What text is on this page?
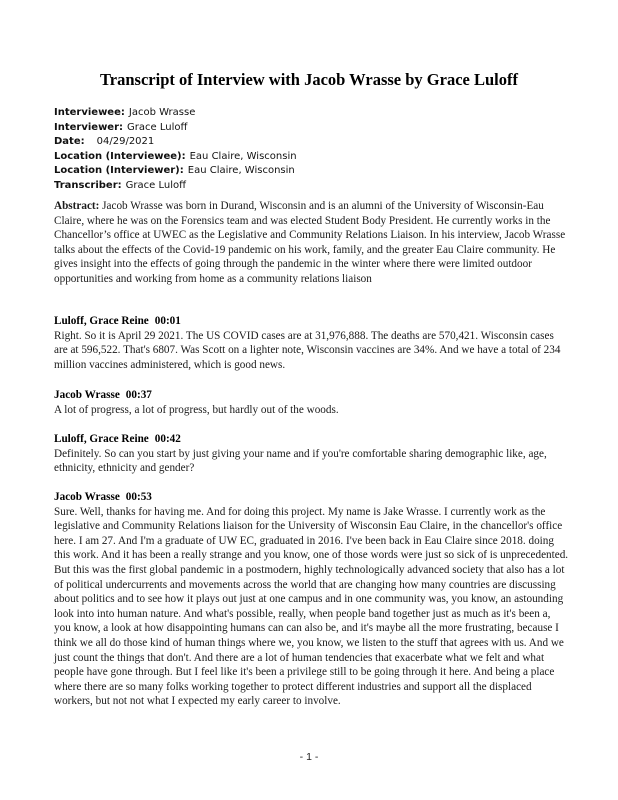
Transcript of Interview with Jacob Wrasse by Grace Luloff
Interviewee: Jacob Wrasse
Interviewer: Grace Luloff
Date: 04/29/2021
Location (Interviewee): Eau Claire, Wisconsin
Location (Interviewer): Eau Claire, Wisconsin
Transcriber: Grace Luloff
Abstract: Jacob Wrasse was born in Durand, Wisconsin and is an alumni of the University of Wisconsin-Eau Claire, where he was on the Forensics team and was elected Student Body President. He currently works in the Chancellor’s office at UWEC as the Legislative and Community Relations Liaison. In his interview, Jacob Wrasse talks about the effects of the Covid-19 pandemic on his work, family, and the greater Eau Claire community. He gives insight into the effects of going through the pandemic in the winter where there were limited outdoor opportunities and working from home as a community relations liaison
Luloff, Grace Reine 00:01
Right. So it is April 29 2021. The US COVID cases are at 31,976,888. The deaths are 570,421. Wisconsin cases are at 596,522. That's 6807. Was Scott on a lighter note, Wisconsin vaccines are 34%. And we have a total of 234 million vaccines administered, which is good news.
Jacob Wrasse 00:37
A lot of progress, a lot of progress, but hardly out of the woods.
Luloff, Grace Reine 00:42
Definitely. So can you start by just giving your name and if you're comfortable sharing demographic like, age, ethnicity, ethnicity and gender?
Jacob Wrasse 00:53
Sure. Well, thanks for having me. And for doing this project. My name is Jake Wrasse. I currently work as the legislative and Community Relations liaison for the University of Wisconsin Eau Claire, in the chancellor's office here. I am 27. And I'm a graduate of UW EC, graduated in 2016. I've been back in Eau Claire since 2018. doing this work. And it has been a really strange and you know, one of those words were just so sick of is unprecedented. But this was the first global pandemic in a postmodern, highly technologically advanced society that also has a lot of political undercurrents and movements across the world that are changing how many countries are discussing about politics and to see how it plays out just at one campus and in one community was, you know, an astounding look into into human nature. And what's possible, really, when people band together just as much as it's been a, you know, a look at how disappointing humans can can also be, and it's maybe all the more frustrating, because I think we all do those kind of human things where we, you know, we listen to the stuff that agrees with us. And we just count the things that don't. And there are a lot of human tendencies that exacerbate what we felt and what people have gone through. But I feel like it's been a privilege still to be going through it here. And being a place where there are so many folks working together to protect different industries and support all the displaced workers, but not not what I expected my early career to involve.
- 1 -
